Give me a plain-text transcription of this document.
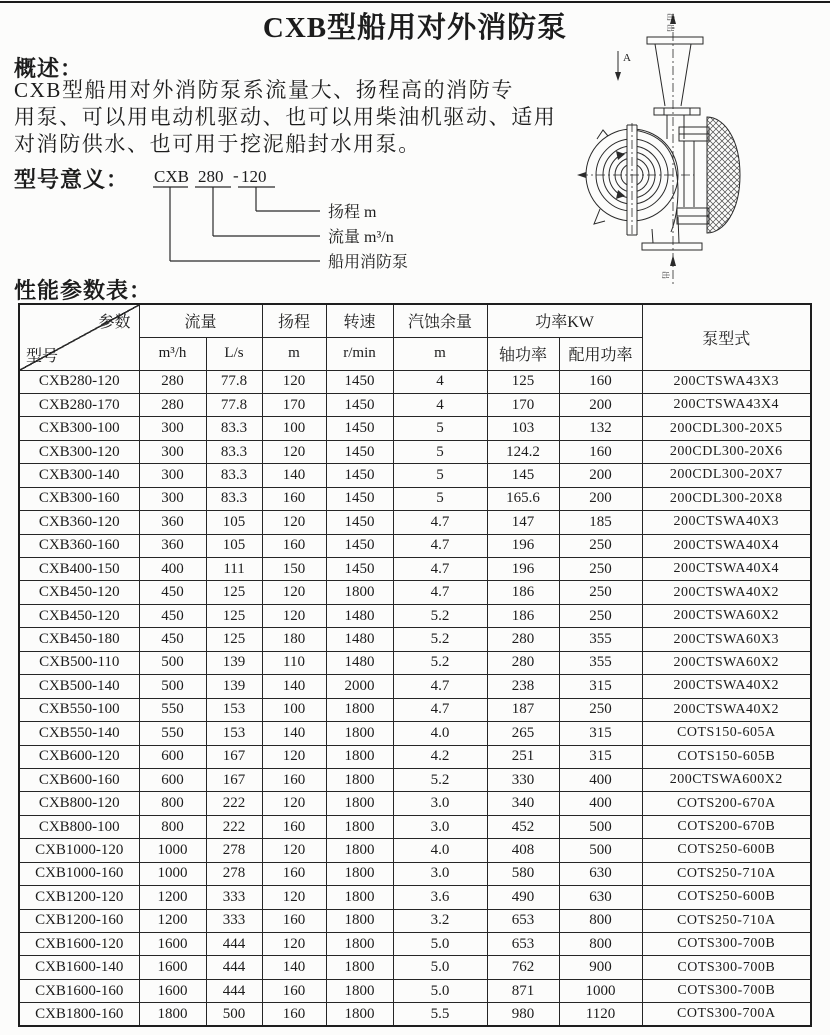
CXB型船用对外消防泵
A
出
出
出
概述：

CXB型船用对外消防泵系流量大、扬程高的消防专
用泵、可以用电动机驱动、也可以用柴油机驱动、适用
对消防供水、也可用于挖泥船封水用泵。

型号意义： CXB 280 - 120
扬程 m
流量 m³/n
船用消防泵
性能参数表：
参数
型号	流量		扬程	转速	汽蚀余量	功率KW		泵型式
	m³/h	L/s	m	r/min	m	轴功率	配用功率	
CXB280-120	280	77.8	120	1450	4	125	160	200CTSWA43X3
CXB280-170	280	77.8	170	1450	4	170	200	200CTSWA43X4
CXB300-100	300	83.3	100	1450	5	103	132	200CDL300-20X5
CXB300-120	300	83.3	120	1450	5	124.2	160	200CDL300-20X6
CXB300-140	300	83.3	140	1450	5	145	200	200CDL300-20X7
CXB300-160	300	83.3	160	1450	5	165.6	200	200CDL300-20X8
CXB360-120	360	105	120	1450	4.7	147	185	200CTSWA40X3
CXB360-160	360	105	160	1450	4.7	196	250	200CTSWA40X4
CXB400-150	400	111	150	1450	4.7	196	250	200CTSWA40X4
CXB450-120	450	125	120	1800	4.7	186	250	200CTSWA40X2
CXB450-120	450	125	120	1480	5.2	186	250	200CTSWA60X2
CXB450-180	450	125	180	1480	5.2	280	355	200CTSWA60X3
CXB500-110	500	139	110	1480	5.2	280	355	200CTSWA60X2
CXB500-140	500	139	140	2000	4.7	238	315	200CTSWA40X2
CXB550-100	550	153	100	1800	4.7	187	250	200CTSWA40X2
CXB550-140	550	153	140	1800	4.0	265	315	COTS150-605A
CXB600-120	600	167	120	1800	4.2	251	315	COTS150-605B
CXB600-160	600	167	160	1800	5.2	330	400	200CTSWA600X2
CXB800-120	800	222	120	1800	3.0	340	400	COTS200-670A
CXB800-100	800	222	160	1800	3.0	452	500	COTS200-670B
CXB1000-120	1000	278	120	1800	4.0	408	500	COTS250-600B
CXB1000-160	1000	278	160	1800	3.0	580	630	COTS250-710A
CXB1200-120	1200	333	120	1800	3.6	490	630	COTS250-600B
CXB1200-160	1200	333	160	1800	3.2	653	800	COTS250-710A
CXB1600-120	1600	444	120	1800	5.0	653	800	COTS300-700B
CXB1600-140	1600	444	140	1800	5.0	762	900	COTS300-700B
CXB1600-160	1600	444	160	1800	5.0	871	1000	COTS300-700B
CXB1800-160	1800	500	160	1800	5.5	980	1120	COTS300-700A
